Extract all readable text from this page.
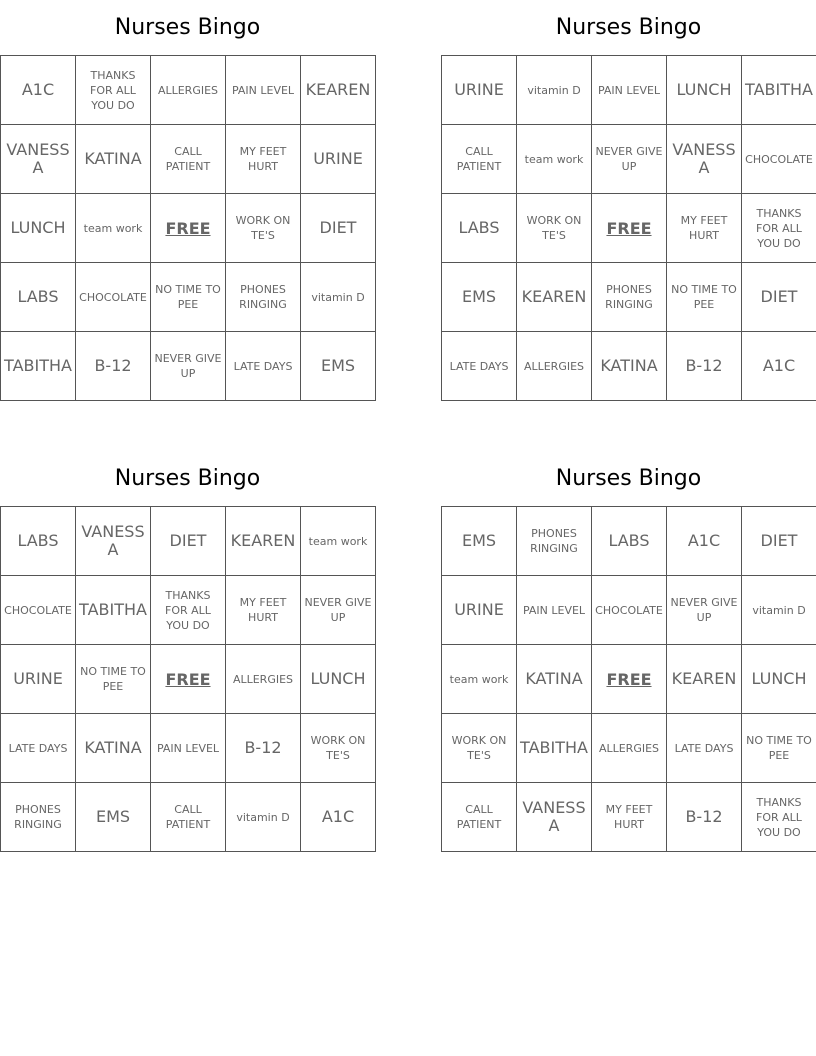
Nurses Bingo
A1C	THANKS FOR ALL YOU DO	ALLERGIES	PAIN LEVEL	KEAREN
VANESSA	KATINA	CALL PATIENT	MY FEET HURT	URINE
LUNCH	team work	FREE	WORK ON TE'S	DIET
LABS	CHOCOLATE	NO TIME TO PEE	PHONES RINGING	vitamin D
TABITHA	B-12	NEVER GIVE UP	LATE DAYS	EMS
Nurses Bingo
URINE	vitamin D	PAIN LEVEL	LUNCH	TABITHA
CALL PATIENT	team work	NEVER GIVE UP	VANESSA	CHOCOLATE
LABS	WORK ON TE'S	FREE	MY FEET HURT	THANKS FOR ALL YOU DO
EMS	KEAREN	PHONES RINGING	NO TIME TO PEE	DIET
LATE DAYS	ALLERGIES	KATINA	B-12	A1C
Nurses Bingo
LABS	VANESSA	DIET	KEAREN	team work
CHOCOLATE	TABITHA	THANKS FOR ALL YOU DO	MY FEET HURT	NEVER GIVE UP
URINE	NO TIME TO PEE	FREE	ALLERGIES	LUNCH
LATE DAYS	KATINA	PAIN LEVEL	B-12	WORK ON TE'S
PHONES RINGING	EMS	CALL PATIENT	vitamin D	A1C
Nurses Bingo
EMS	PHONES RINGING	LABS	A1C	DIET
URINE	PAIN LEVEL	CHOCOLATE	NEVER GIVE UP	vitamin D
team work	KATINA	FREE	KEAREN	LUNCH
WORK ON TE'S	TABITHA	ALLERGIES	LATE DAYS	NO TIME TO PEE
CALL PATIENT	VANESSA	MY FEET HURT	B-12	THANKS FOR ALL YOU DO
